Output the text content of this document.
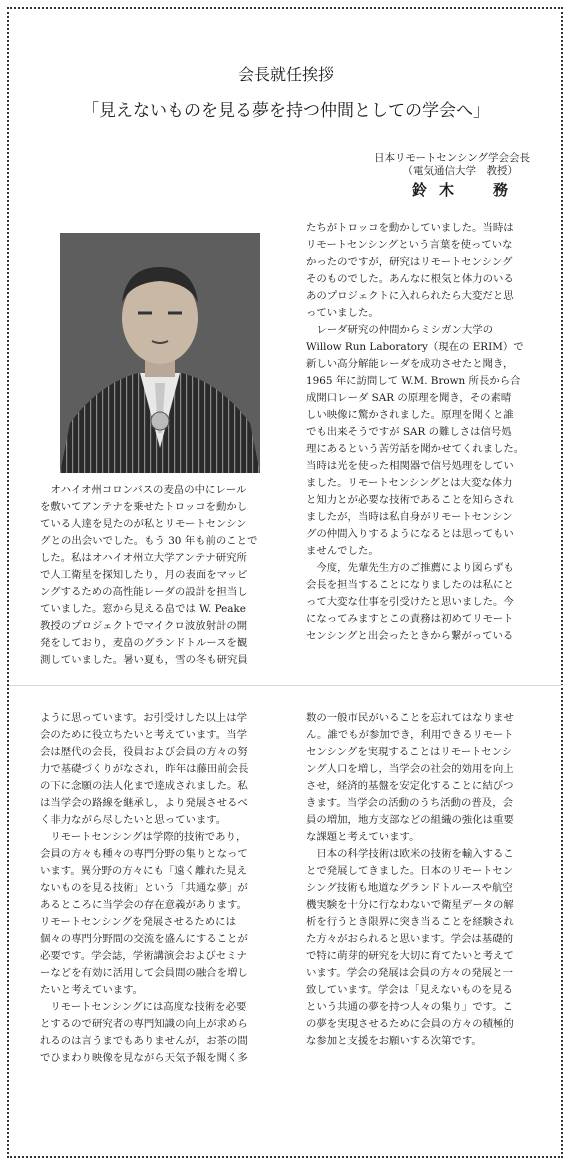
会長就任挨拶
「見えないものを見る夢を持つ仲間としての学会へ」
日本リモートセンシング学会会長
（電気通信大学　教授）
鈴木　務

　オハイオ州コロンバスの麦畠の中にレール

を敷いてアンテナを乗せたトロッコを動かし

ている人達を見たのが私とリモートセンシン

グとの出会いでした。もう 30 年も前のことで

した。私はオハイオ州立大学アンテナ研究所

で人工衛星を探知したり，月の表面をマッピ

ングするための高性能レーダの設計を担当し

ていました。窓から見える畠では W. Peake

教授のプロジェクトでマイクロ波放射計の開

発をしており，麦畠のグランドトルースを観

測していました。暑い夏も，雪の冬も研究員

たちがトロッコを動かしていました。当時は

リモートセンシングという言葉を使っていな

かったのですが，研究はリモートセンシング

そのものでした。あんなに根気と体力のいる

あのプロジェクトに入れられたら大変だと思

っていました。

　レーダ研究の仲間からミシガン大学の

Willow Run Laboratory（現在の ERIM）で

新しい高分解能レーダを成功させたと聞き，

1965 年に訪問して W.M. Brown 所長から合

成開口レーダ SAR の原理を聞き，その素晴

しい映像に驚かされました。原理を聞くと誰

でも出来そうですが SAR の難しさは信号処

理にあるという苦労話を聞かせてくれました。

当時は光を使った相関器で信号処理をしてい

ました。リモートセンシングとは大変な体力

と知力とが必要な技術であることを知らされ

ましたが，当時は私自身がリモートセンシン

グの仲間入りするようになるとは思ってもい

ませんでした。

　今度，先輩先生方のご推薦により図らずも

会長を担当することになりましたのは私にと

って大変な仕事を引受けたと思いました。今

になってみますとこの責務は初めてリモート

センシングと出会ったときから繋がっている

ように思っています。お引受けした以上は学

会のために役立ちたいと考えています。当学

会は歴代の会長，役員および会員の方々の努

力で基礎づくりがなされ，昨年は藤田前会長

の下に念願の法人化まで達成されました。私

は当学会の路線を継承し，より発展させるべ

く非力ながら尽したいと思っています。

　リモートセンシングは学際的技術であり，

会員の方々も種々の専門分野の集りとなって

います。異分野の方々にも「遠く離れた見え

ないものを見る技術」という「共通な夢」が

あるところに当学会の存在意義があります。

リモートセンシングを発展させるためには

個々の専門分野間の交流を盛んにすることが

必要です。学会誌，学術講演会およびセミナ

ーなどを有効に活用して会員間の融合を増し

たいと考えています。

　リモートセンシングには高度な技術を必要

とするので研究者の専門知識の向上が求めら

れるのは言うまでもありませんが，お茶の間

でひまわり映像を見ながら天気予報を聞く多

数の一般市民がいることを忘れてはなりませ

ん。誰でもが参加でき，利用できるリモート

センシングを実現することはリモートセンシ

ング人口を増し，当学会の社会的効用を向上

させ，経済的基盤を安定化することに結びつ

きます。当学会の活動のうち活動の普及，会

員の増加，地方支部などの組織の強化は重要

な課題と考えています。

　日本の科学技術は欧米の技術を輸入するこ

とで発展してきました。日本のリモートセン

シング技術も地道なグランドトルースや航空

機実験を十分に行なわないで衛星データの解

析を行うとき限界に突き当ることを経験され

た方々がおられると思います。学会は基礎的

で特に萌芽的研究を大切に育てたいと考えて

います。学会の発展は会員の方々の発展と一

致しています。学会は「見えないものを見る

という共通の夢を持つ人々の集り」です。こ

の夢を実現させるために会員の方々の積極的

な参加と支援をお願いする次第です。
